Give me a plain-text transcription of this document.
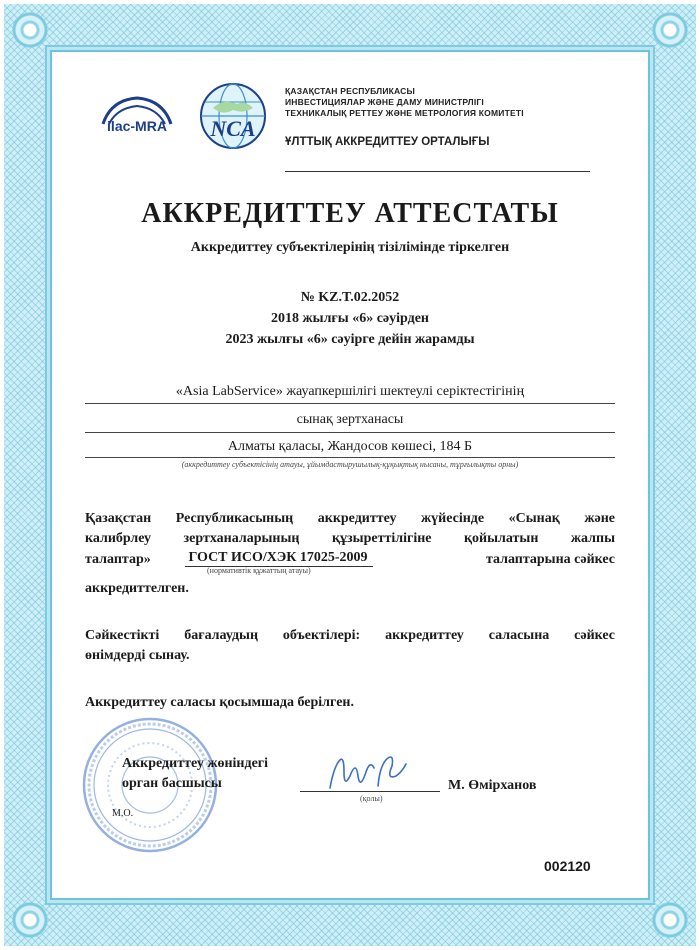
ilac-MRA NCA
ҚАЗАҚСТАН РЕСПУБЛИКАСЫ
ИНВЕСТИЦИЯЛАР ЖӘНЕ ДАМУ МИНИСТРЛІГІ
ТЕХНИКАЛЫҚ РЕТТЕУ ЖӘНЕ МЕТРОЛОГИЯ КОМИТЕТІ
ҰЛТТЫҚ АККРЕДИТТЕУ ОРТАЛЫҒЫ
АККРЕДИТТЕУ АТТЕСТАТЫ
Аккредиттеу субъектілерінің тізілімінде тіркелген
№ KZ.T.02.2052
2018 жылғы «6» сәуірден
2023 жылғы «6» сәуірге дейін жарамды
«Asia LabService» жауапкершілігі шектеулі серіктестігінің
сынақ зертханасы
Алматы қаласы, Жандосов көшесі, 184 Б
(аккредиттеу субъектісінің атауы, ұйымдастырушылық-құқықтық нысаны, тұрғылықты орны)
Қазақстан Республикасының аккредиттеу жүйесінде «Сынақ және
калибрлеу зертханаларының құзыреттілігіне қойылатын жалпы
талаптар»	ГОСТ ИСО/ХЭК 17025-2009	талаптарына сәйкес
(нормативтік құжаттың атауы)
аккредиттелген.
Сәйкестікті бағалаудың объектілері: аккредиттеу саласына сәйкес
өнімдерді сынау.
Аккредиттеу саласы қосымшада берілген.
Аккредиттеу жөніндегі
орган басшысы
М.О.
(қолы)
М. Өмірханов
002120
